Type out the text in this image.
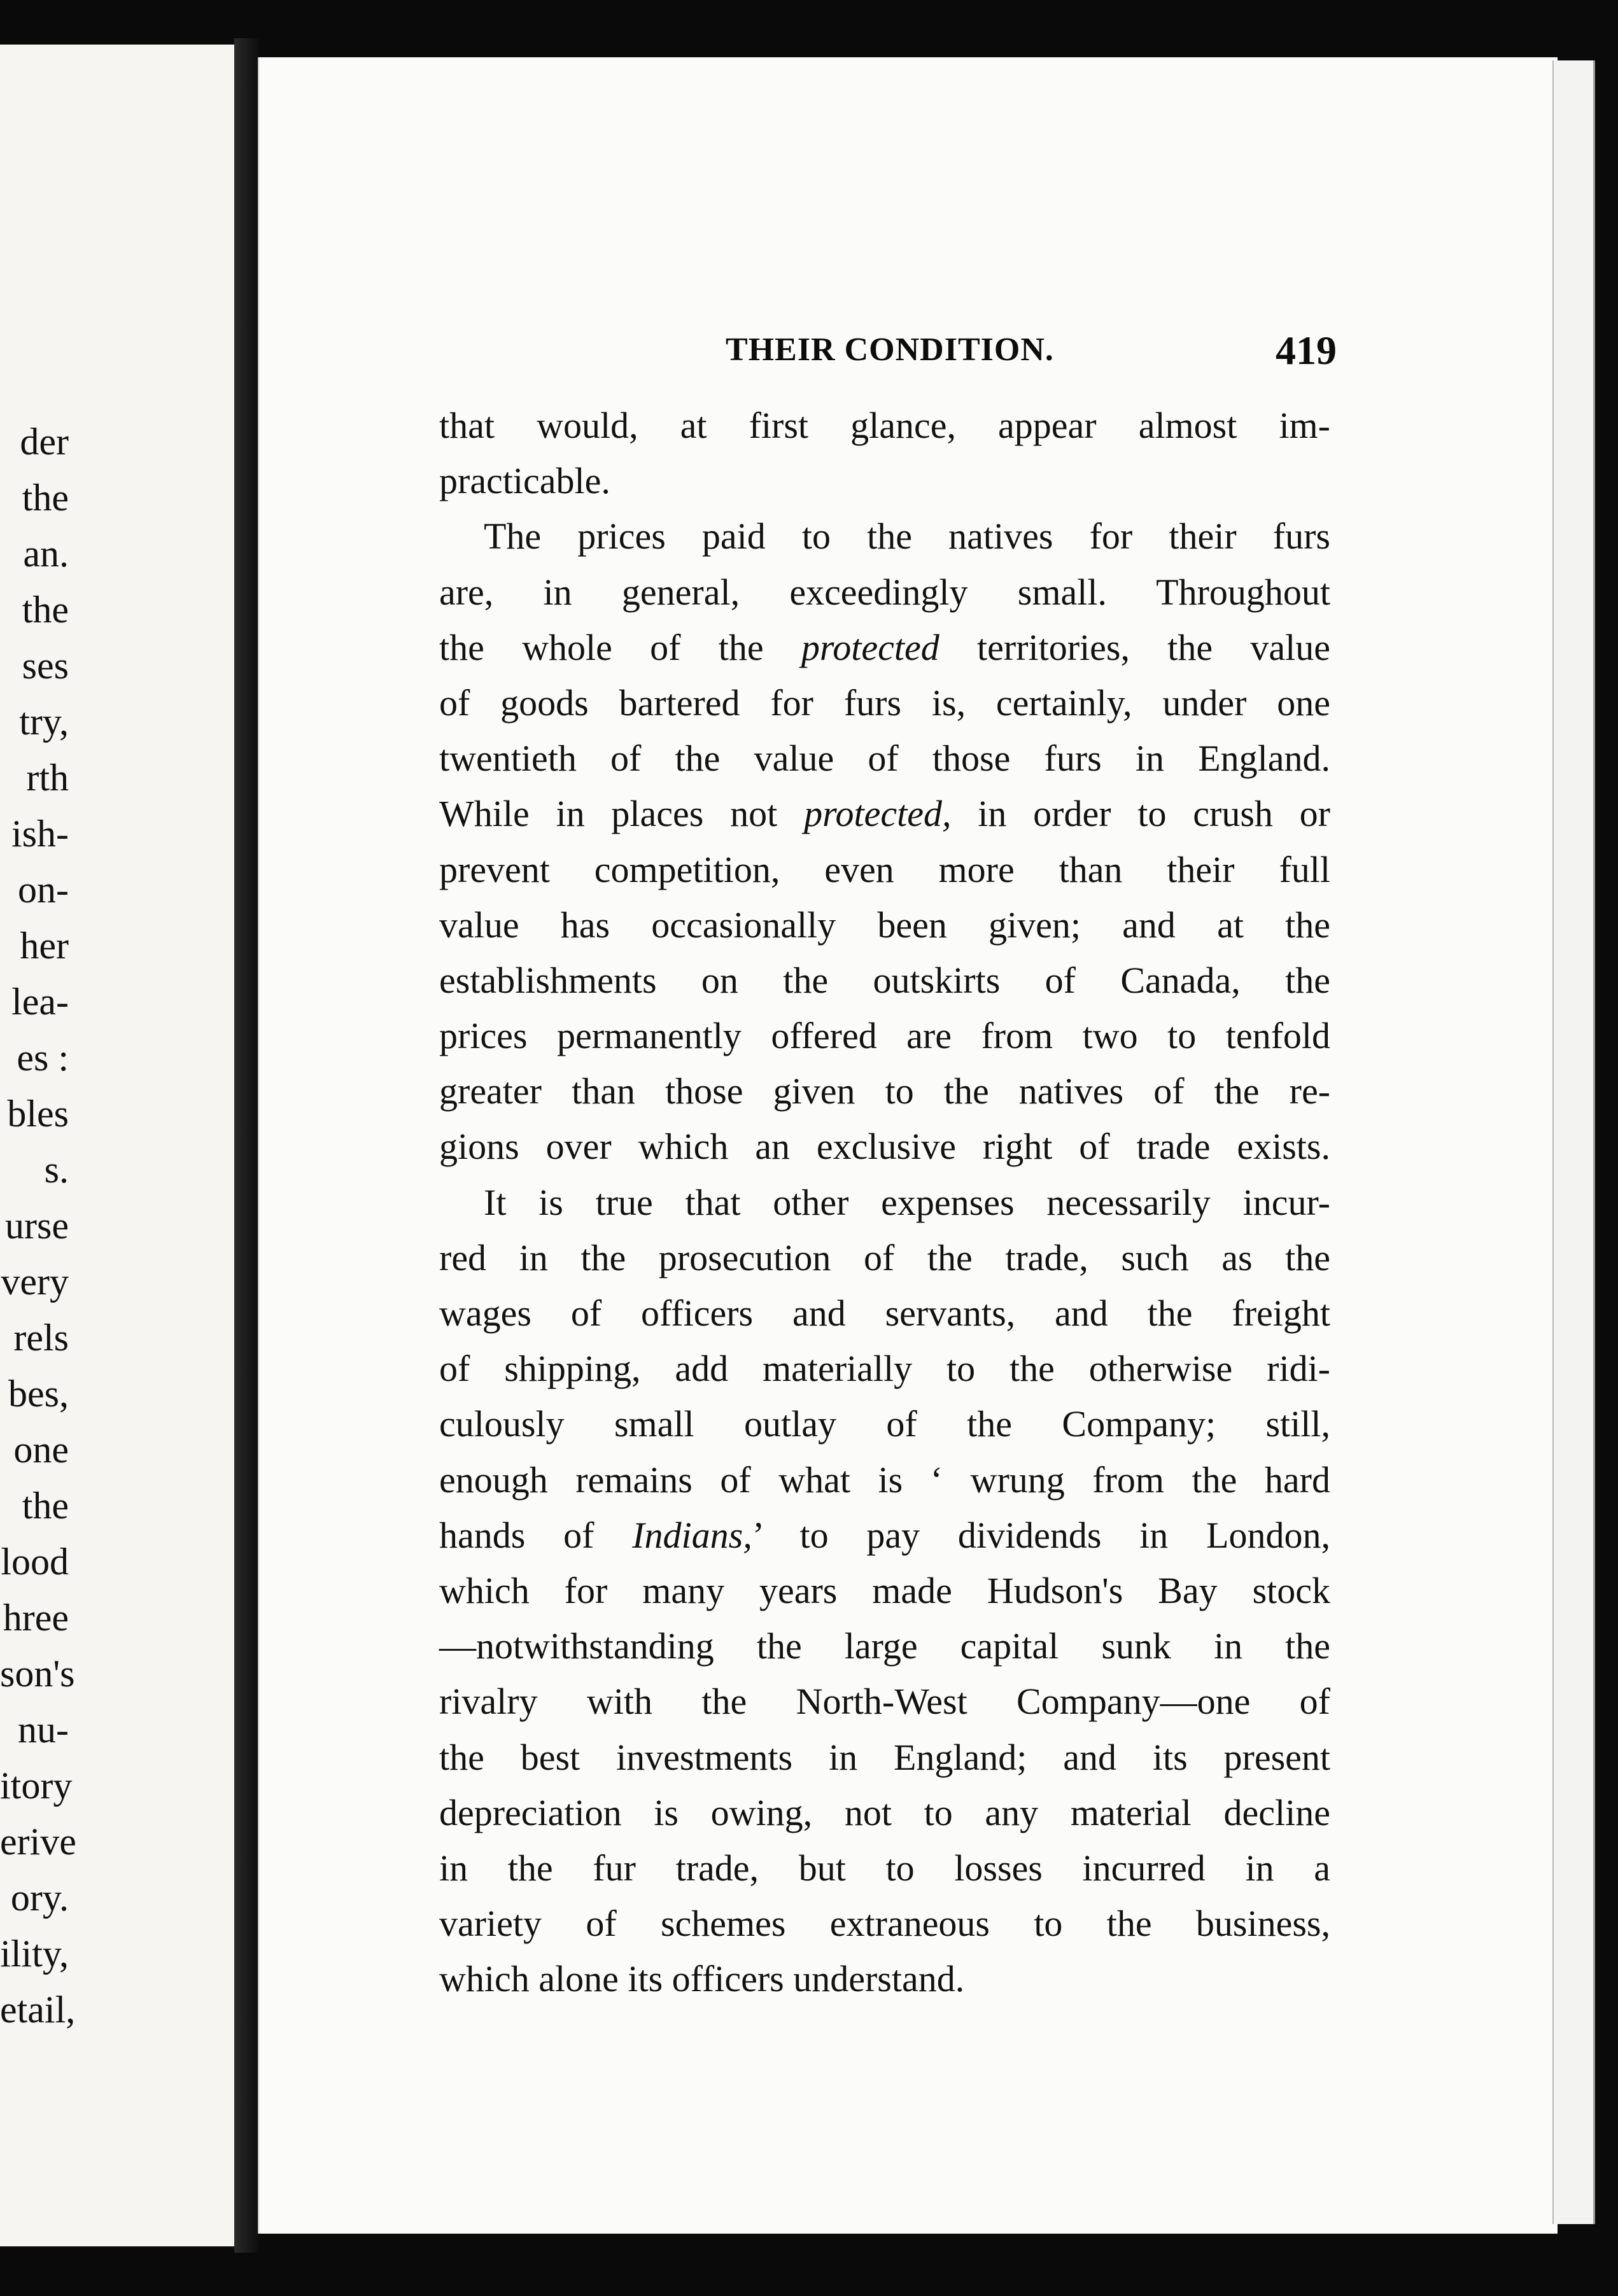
der
the
an.
the
ses
try,
rth
ish-
on-
her
lea-
es :
bles
s.
urse
very
rels
bes,
one
the
lood
hree
son's
nu-
itory
erive
ory.
ility,
etail,
THEIR CONDITION.	419
that would, at first glance, appear almost im-
practicable.
The prices paid to the natives for their furs
are, in general, exceedingly small. Throughout
the whole of the protected territories, the value
of goods bartered for furs is, certainly, under one
twentieth of the value of those furs in England.
While in places not protected, in order to crush or
prevent competition, even more than their full
value has occasionally been given; and at the
establishments on the outskirts of Canada, the
prices permanently offered are from two to tenfold
greater than those given to the natives of the re-
gions over which an exclusive right of trade exists.
It is true that other expenses necessarily incur-
red in the prosecution of the trade, such as the
wages of officers and servants, and the freight
of shipping, add materially to the otherwise ridi-
culously small outlay of the Company; still,
enough remains of what is ‘ wrung from the hard
hands of Indians,’ to pay dividends in London,
which for many years made Hudson's Bay stock
—notwithstanding the large capital sunk in the
rivalry with the North-West Company—one of
the best investments in England; and its present
depreciation is owing, not to any material decline
in the fur trade, but to losses incurred in a
variety of schemes extraneous to the business,
which alone its officers understand.
